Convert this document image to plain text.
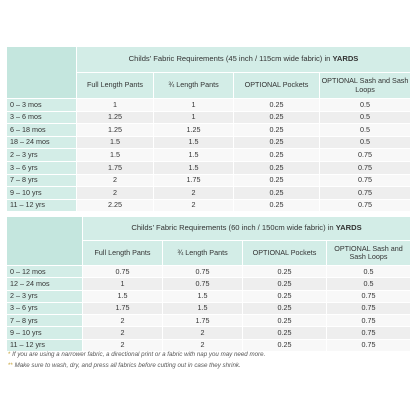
	Childs’ Fabric Requirements (45 inch / 115cm wide fabric) in YARDS			
	Full Length Pants	¾ Length Pants	OPTIONAL Pockets	OPTIONAL Sash and Sash Loops
0 – 3 mos	1	1	0.25	0.5
3 – 6 mos	1.25	1	0.25	0.5
6 – 18 mos	1.25	1.25	0.25	0.5
18 – 24 mos	1.5	1.5	0.25	0.5
2 – 3 yrs	1.5	1.5	0.25	0.75
3 – 6 yrs	1.75	1.5	0.25	0.75
7 – 8 yrs	2	1.75	0.25	0.75
9 – 10 yrs	2	2	0.25	0.75
11 – 12 yrs	2.25	2	0.25	0.75
	Childs’ Fabric Requirements (60 inch / 150cm wide fabric) in YARDS			
	Full Length Pants	¾ Length Pants	OPTIONAL Pockets	OPTIONAL Sash and Sash Loops
0 – 12 mos	0.75	0.75	0.25	0.5
12 – 24 mos	1	0.75	0.25	0.5
2 – 3 yrs	1.5	1.5	0.25	0.75
3 – 6 yrs	1.75	1.5	0.25	0.75
7 – 8 yrs	2	1.75	0.25	0.75
9 – 10 yrs	2	2	0.25	0.75
11 – 12 yrs	2	2	0.25	0.75
* If you are using a narrower fabric, a directional print or a fabric with nap you may need more.
** Make sure to wash, dry, and press all fabrics before cutting out in case they shrink.
